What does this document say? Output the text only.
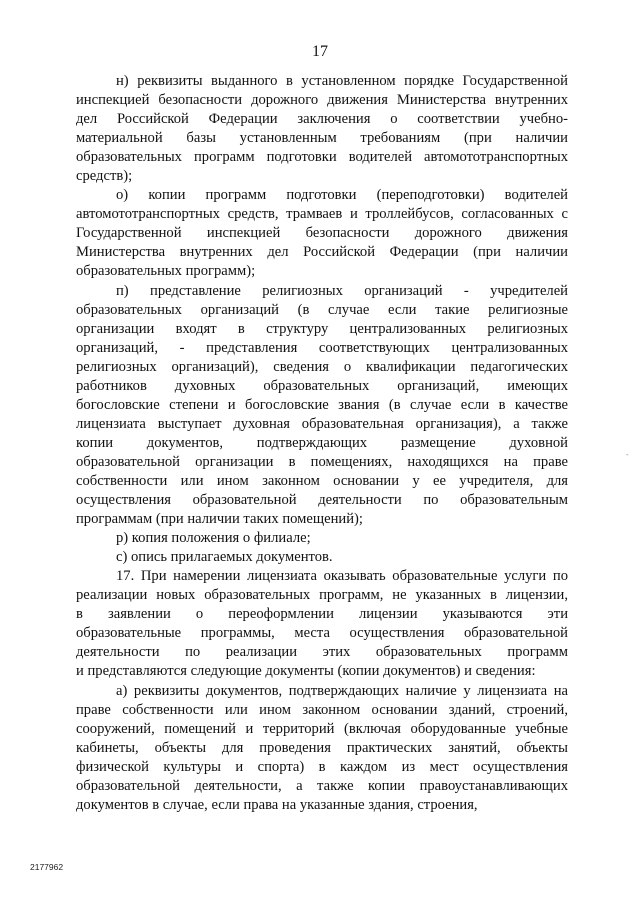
17

н) реквизиты выданного в установленном порядке Государственной
инспекцией безопасности дорожного движения Министерства внутренних
дел Российской Федерации заключения о соответствии учебно-
материальной базы установленным требованиям (при наличии
образовательных программ подготовки водителей автомототранспортных
средств);

о) копии программ подготовки (переподготовки) водителей
автомототранспортных средств, трамваев и троллейбусов, согласованных с
Государственной инспекцией безопасности дорожного движения
Министерства внутренних дел Российской Федерации (при наличии
образовательных программ);

п) представление религиозных организаций - учредителей
образовательных организаций (в случае если такие религиозные
организации входят в структуру централизованных религиозных
организаций, - представления соответствующих централизованных
религиозных организаций), сведения о квалификации педагогических
работников духовных образовательных организаций, имеющих
богословские степени и богословские звания (в случае если в качестве
лицензиата выступает духовная образовательная организация), а также
копии документов, подтверждающих размещение духовной
образовательной организации в помещениях, находящихся на праве
собственности или ином законном основании у ее учредителя, для
осуществления образовательной деятельности по образовательным
программам (при наличии таких помещений);

р) копия положения о филиале;

с) опись прилагаемых документов.

17. При намерении лицензиата оказывать образовательные услуги по
реализации новых образовательных программ, не указанных в лицензии,
в заявлении о переоформлении лицензии указываются эти
образовательные программы, места осуществления образовательной
деятельности по реализации этих образовательных программ
и представляются следующие документы (копии документов) и сведения:

а) реквизиты документов, подтверждающих наличие у лицензиата на
праве собственности или ином законном основании зданий, строений,
сооружений, помещений и территорий (включая оборудованные учебные
кабинеты, объекты для проведения практических занятий, объекты
физической культуры и спорта) в каждом из мест осуществления
образовательной деятельности, а также копии правоустанавливающих
документов в случае, если права на указанные здания, строения,

2177962
-
